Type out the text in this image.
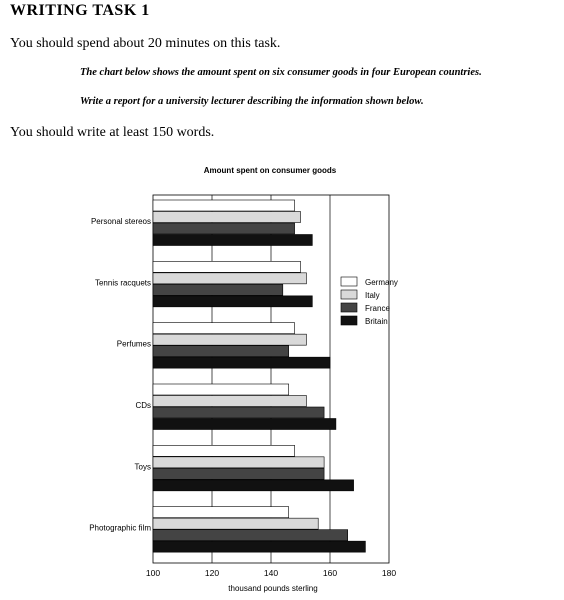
WRITING TASK 1
You should spend about 20 minutes on this task.
The chart below shows the amount spent on six consumer goods in four European countries.
Write a report for a university lecturer describing the information shown below.
You should write at least 150 words.
Amount spent on consumer goods
100	120	140	160	180
thousand pounds sterling
Personal stereos
Tennis racquets
Perfumes
CDs
Toys
Photographic film
Germany
Italy
France
Britain
